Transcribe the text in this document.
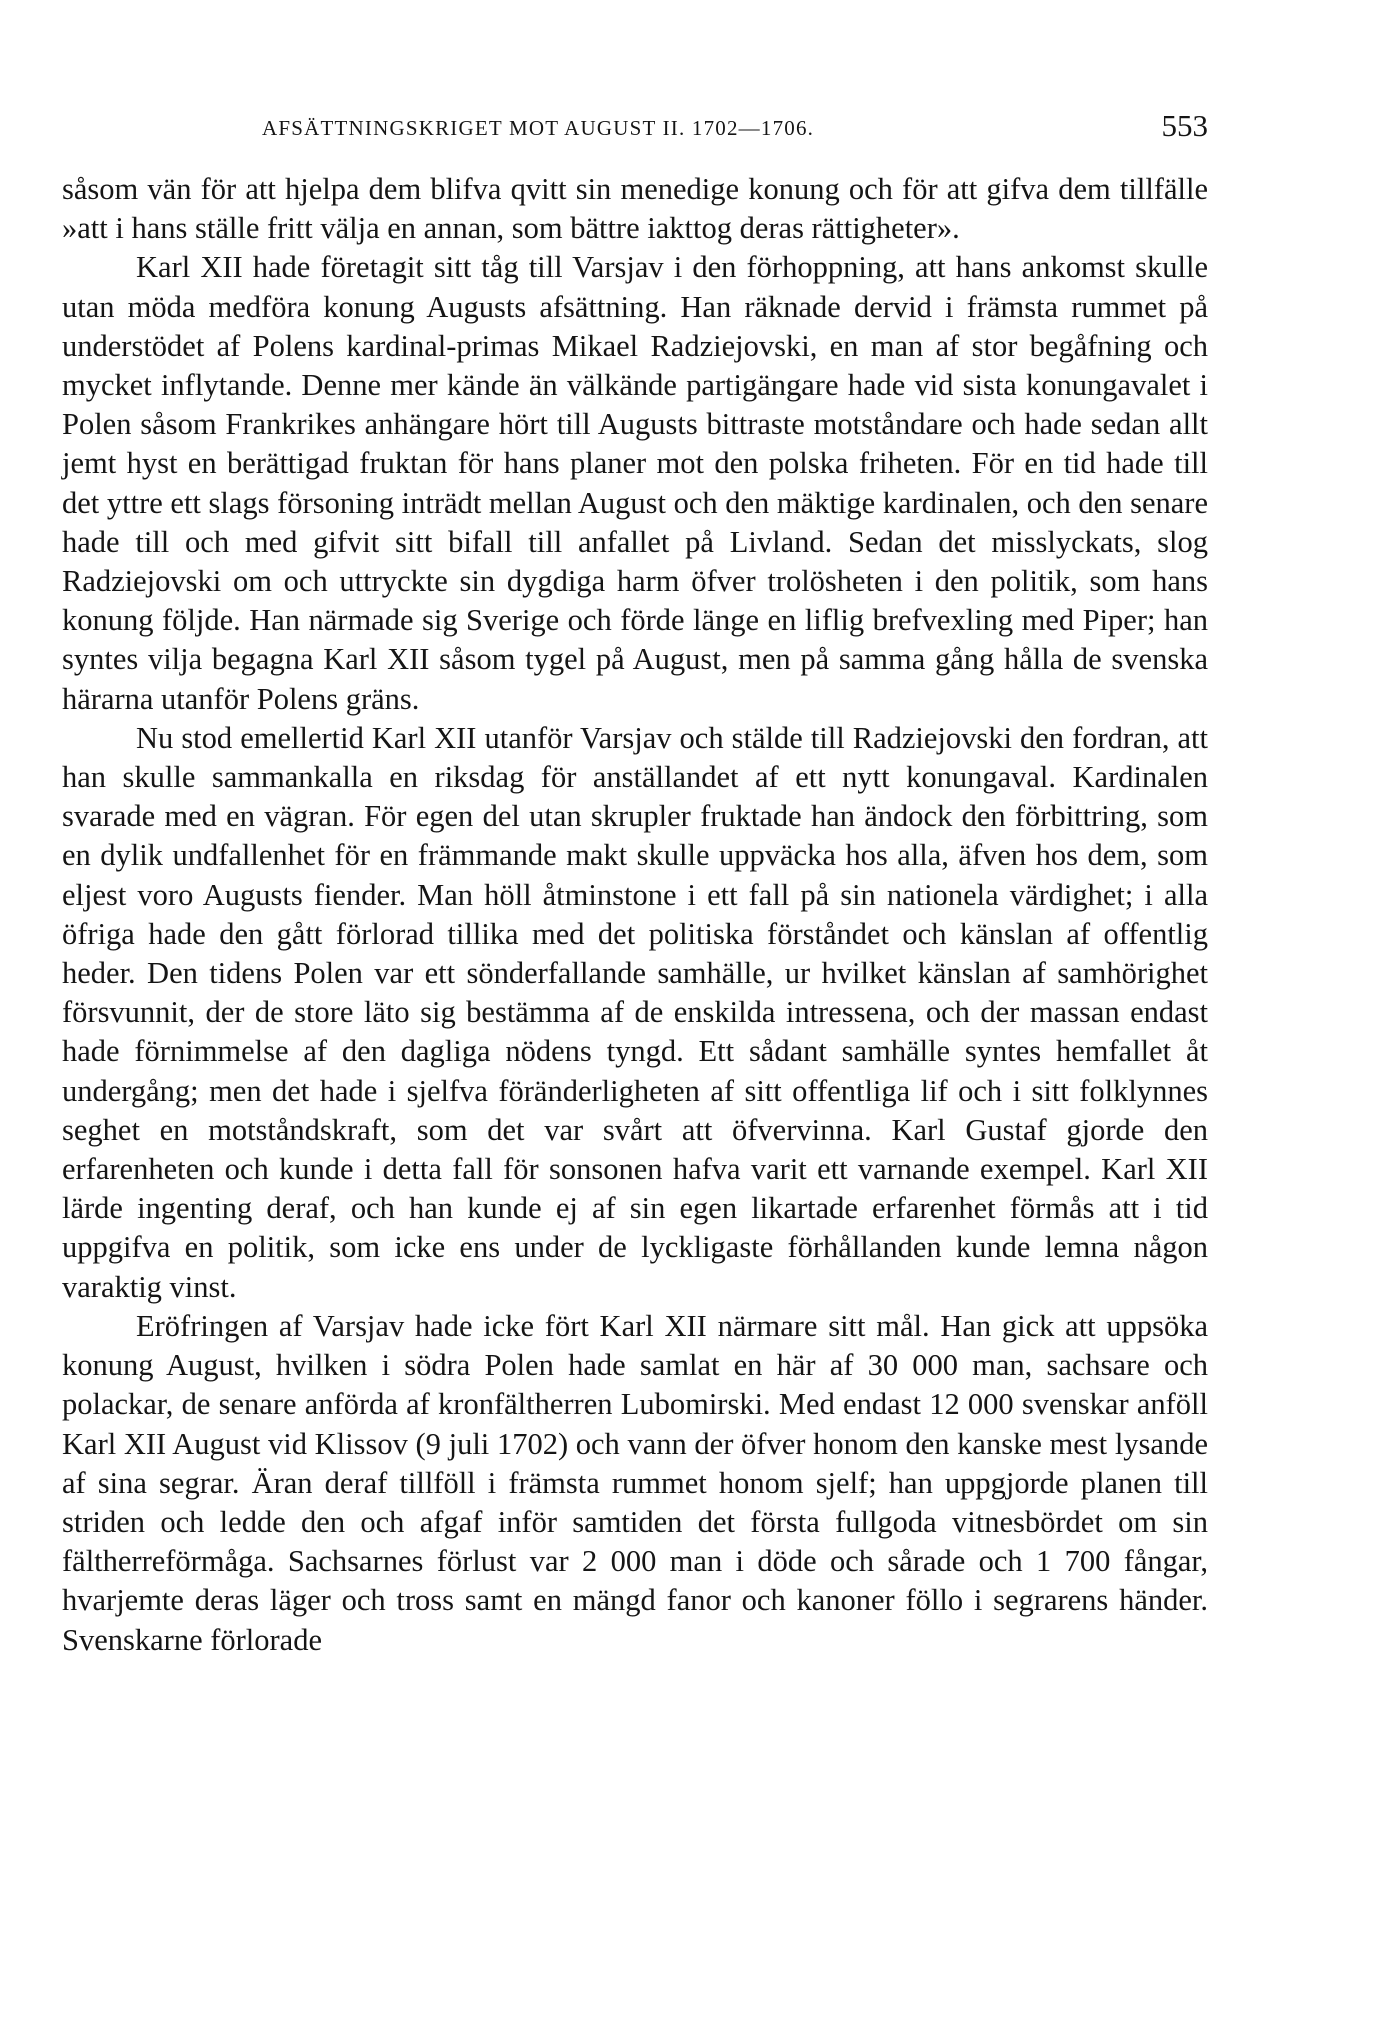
AFSÄTTNINGSKRIGET MOT AUGUST II. 1702—1706.	553

såsom vän för att hjelpa dem blifva qvitt sin menedige konung och för att gifva dem tillfälle »att i hans ställe fritt välja en annan, som bättre iakttog deras rättigheter».

Karl XII hade företagit sitt tåg till Varsjav i den förhoppning, att hans ankomst skulle utan möda medföra konung Augusts afsättning. Han räknade dervid i främsta rummet på understödet af Polens kardinal-primas Mikael Radziejovski, en man af stor begåfning och mycket inflytande. Denne mer kände än välkände partigängare hade vid sista konungavalet i Polen såsom Frankrikes anhängare hört till Augusts bittraste motståndare och hade sedan allt jemt hyst en berättigad fruktan för hans planer mot den polska friheten. För en tid hade till det yttre ett slags försoning inträdt mellan August och den mäktige kardinalen, och den senare hade till och med gifvit sitt bifall till anfallet på Livland. Sedan det misslyckats, slog Radziejovski om och uttryckte sin dygdiga harm öfver trolösheten i den politik, som hans konung följde. Han närmade sig Sverige och förde länge en liflig brefvexling med Piper; han syntes vilja begagna Karl XII såsom tygel på August, men på samma gång hålla de svenska härarna utanför Polens gräns.

Nu stod emellertid Karl XII utanför Varsjav och stälde till Radziejovski den fordran, att han skulle sammankalla en riksdag för anställandet af ett nytt konungaval. Kardinalen svarade med en vägran. För egen del utan skrupler fruktade han ändock den förbittring, som en dylik undfallenhet för en främmande makt skulle uppväcka hos alla, äfven hos dem, som eljest voro Augusts fiender. Man höll åtminstone i ett fall på sin nationela värdighet; i alla öfriga hade den gått förlorad tillika med det politiska förståndet och känslan af offentlig heder. Den tidens Polen var ett sönderfallande samhälle, ur hvilket känslan af samhörighet försvunnit, der de store läto sig bestämma af de enskilda intressena, och der massan endast hade förnimmelse af den dagliga nödens tyngd. Ett sådant samhälle syntes hemfallet åt undergång; men det hade i sjelfva föränderligheten af sitt offentliga lif och i sitt folklynnes seghet en motståndskraft, som det var svårt att öfvervinna. Karl Gustaf gjorde den erfarenheten och kunde i detta fall för sonsonen hafva varit ett varnande exempel. Karl XII lärde ingenting deraf, och han kunde ej af sin egen likartade erfarenhet förmås att i tid uppgifva en politik, som icke ens under de lyckligaste förhållanden kunde lemna någon varaktig vinst.

Eröfringen af Varsjav hade icke fört Karl XII närmare sitt mål. Han gick att uppsöka konung August, hvilken i södra Polen hade samlat en här af 30 000 man, sachsare och polackar, de senare anförda af kronfältherren Lubomirski. Med endast 12 000 svenskar anföll Karl XII August vid Klissov (9 juli 1702) och vann der öfver honom den kanske mest lysande af sina segrar. Äran deraf tillföll i främsta rummet honom sjelf; han uppgjorde planen till striden och ledde den och afgaf inför samtiden det första fullgoda vitnesbördet om sin fältherreförmåga. Sachsarnes förlust var 2 000 man i döde och sårade och 1 700 fångar, hvarjemte deras läger och tross samt en mängd fanor och kanoner föllo i segrarens händer. Svenskarne förlorade
